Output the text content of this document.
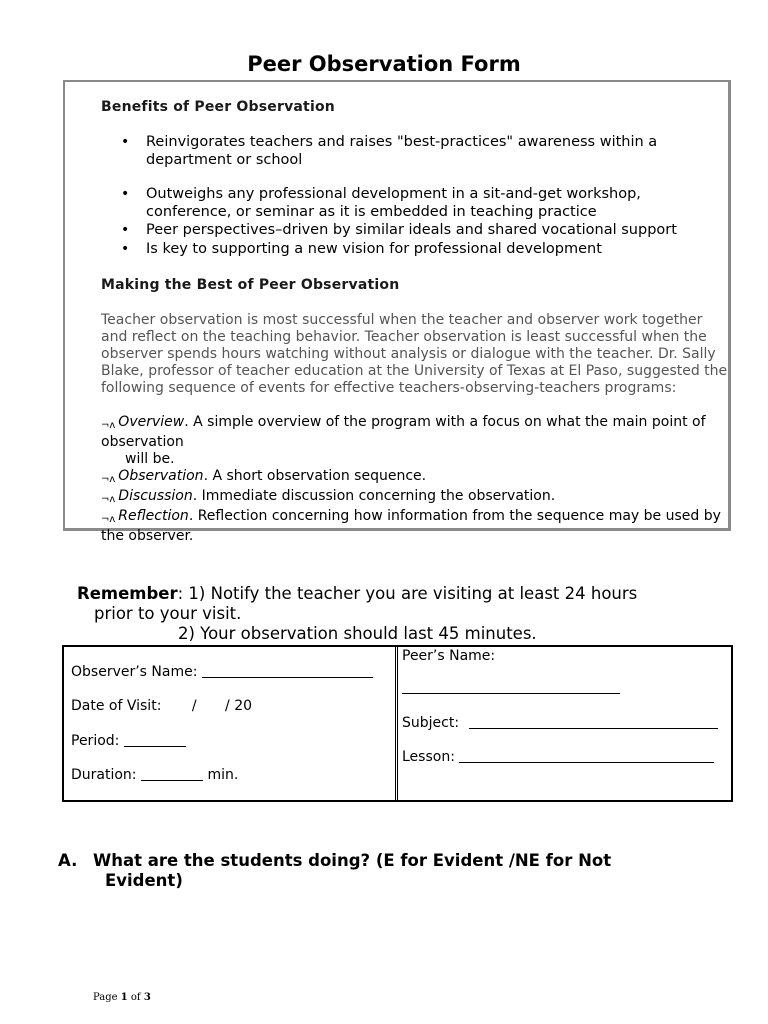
Peer Observation Form
Benefits of Peer Observation
• Reinvigorates teachers and raises "best-practices" awareness within a department or school
• Outweighs any professional development in a sit-and-get workshop, conference, or seminar as it is embedded in teaching practice
• Peer perspectives–driven by similar ideals and shared vocational support
• Is key to supporting a new vision for professional development
Making the Best of Peer Observation

Teacher observation is most successful when the teacher and observer work together and reflect on the teaching behavior. Teacher observation is least successful when the observer spends hours watching without analysis or dialogue with the teacher. Dr. Sally Blake, professor of teacher education at the University of Texas at El Paso, suggested the following sequence of events for effective teachers-observing-teachers programs:

¬ʌ Overview. A simple overview of the program with a focus on what the main point of observation
will be.
¬ʌ Observation. A short observation sequence.
¬ʌ Discussion. Immediate discussion concerning the observation.
¬ʌ Reflection. Reflection concerning how information from the sequence may be used by the observer.
Remember: 1) Notify the teacher you are visiting at least 24 hours
prior to your visit.
2) Your observation should last 45 minutes.
Observer’s Name:
Date of Visit: / / 20
Period:
Duration:	min.
Peer’s Name:
Subject:
Lesson:
A. What are the students doing? (E for Evident /NE for Not
Evident)
Page 1 of 3
